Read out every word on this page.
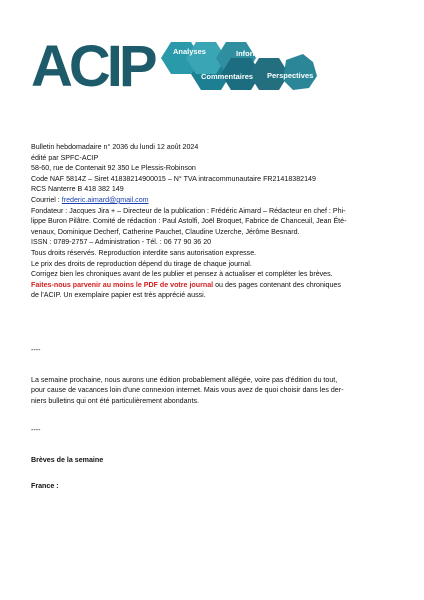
ACIP	Analyses	Informations
Commentaires Perspectives

Bulletin hebdomadaire n° 2036 du lundi 12 août 2024

édité par SPFC-ACIP

58-60, rue de Contenait 92 350 Le Plessis-Robinson

Code NAF 5814Z – Siret 41838214900015 – N° TVA intracommunautaire FR21418382149

RCS Nanterre B 418 382 149

Courriel : frederic.aimard@gmail.com

Fondateur : Jacques Jira + – Directeur de la publication : Frédéric Aimard – Rédacteur en chef : Phi-

lippe Buron Pilâtre. Comité de rédaction : Paul Astolfi, Joël Broquet, Fabrice de Chanceuil, Jean Été-

venaux, Dominique Decherf, Catherine Pauchet, Claudine Uzerche, Jérôme Besnard.

ISSN : 0789-2757 – Administration - Tél. : 06 77 90 36 20

Tous droits réservés. Reproduction interdite sans autorisation expresse.

Le prix des droits de reproduction dépend du tirage de chaque journal.

Corrigez bien les chroniques avant de les publier et pensez à actualiser et compléter les brèves.

Faites-nous parvenir au moins le PDF de votre journal ou des pages contenant des chroniques

de l'ACIP. Un exemplaire papier est très apprécié aussi.

----

La semaine prochaine, nous aurons une édition probablement allégée, voire pas d'édition du tout,

pour cause de vacances loin d'une connexion internet. Mais vous avez de quoi choisir dans les der-

niers bulletins qui ont été particulièrement abondants.

----

Brèves de la semaine

France :
